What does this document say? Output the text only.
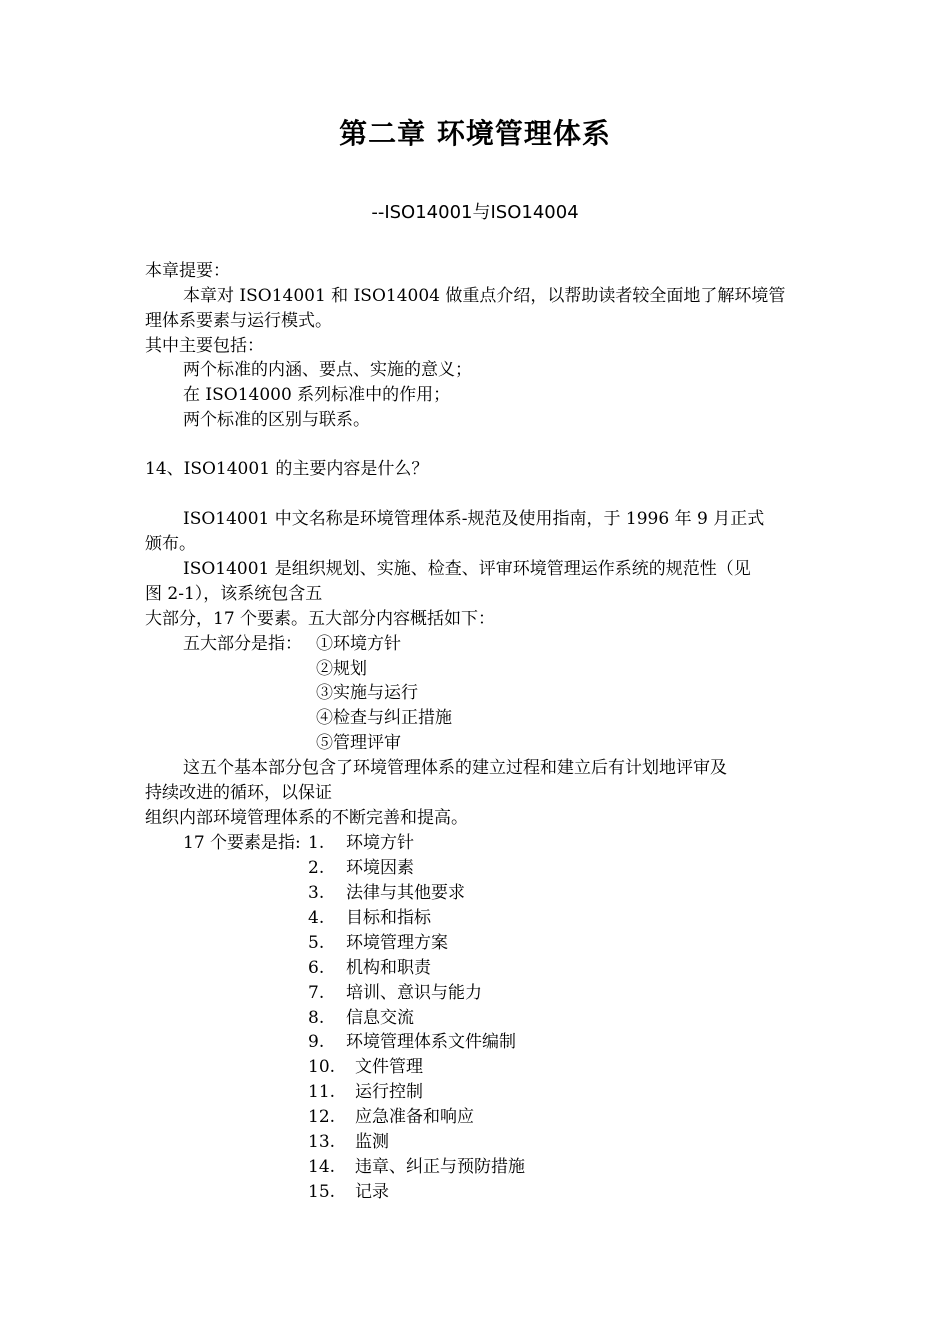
第二章 环境管理体系
--ISO14001与ISO14004
本章提要：
本章对 ISO14001 和 ISO14004 做重点介绍，以帮助读者较全面地了解环境管
理体系要素与运行模式。
其中主要包括：
两个标准的内涵、要点、实施的意义；
在 ISO14000 系列标准中的作用；
两个标准的区别与联系。
14、ISO14001 的主要内容是什么？
ISO14001 中文名称是环境管理体系-规范及使用指南，于 1996 年 9 月正式
颁布。
ISO14001 是组织规划、实施、检查、评审环境管理运作系统的规范性（见
图 2-1），该系统包含五
大部分，17 个要素。五大部分内容概括如下：
五大部分是指： ①环境方针
②规划
③实施与运行
④检查与纠正措施
⑤管理评审
这五个基本部分包含了环境管理体系的建立过程和建立后有计划地评审及
持续改进的循环，以保证
组织内部环境管理体系的不断完善和提高。
17 个要素是指: 1. 环境方针
2. 环境因素
3. 法律与其他要求
4. 目标和指标
5. 环境管理方案
6. 机构和职责
7. 培训、意识与能力
8. 信息交流
9. 环境管理体系文件编制
10. 文件管理
11. 运行控制
12. 应急准备和响应
13. 监测
14. 违章、纠正与预防措施
15. 记录
